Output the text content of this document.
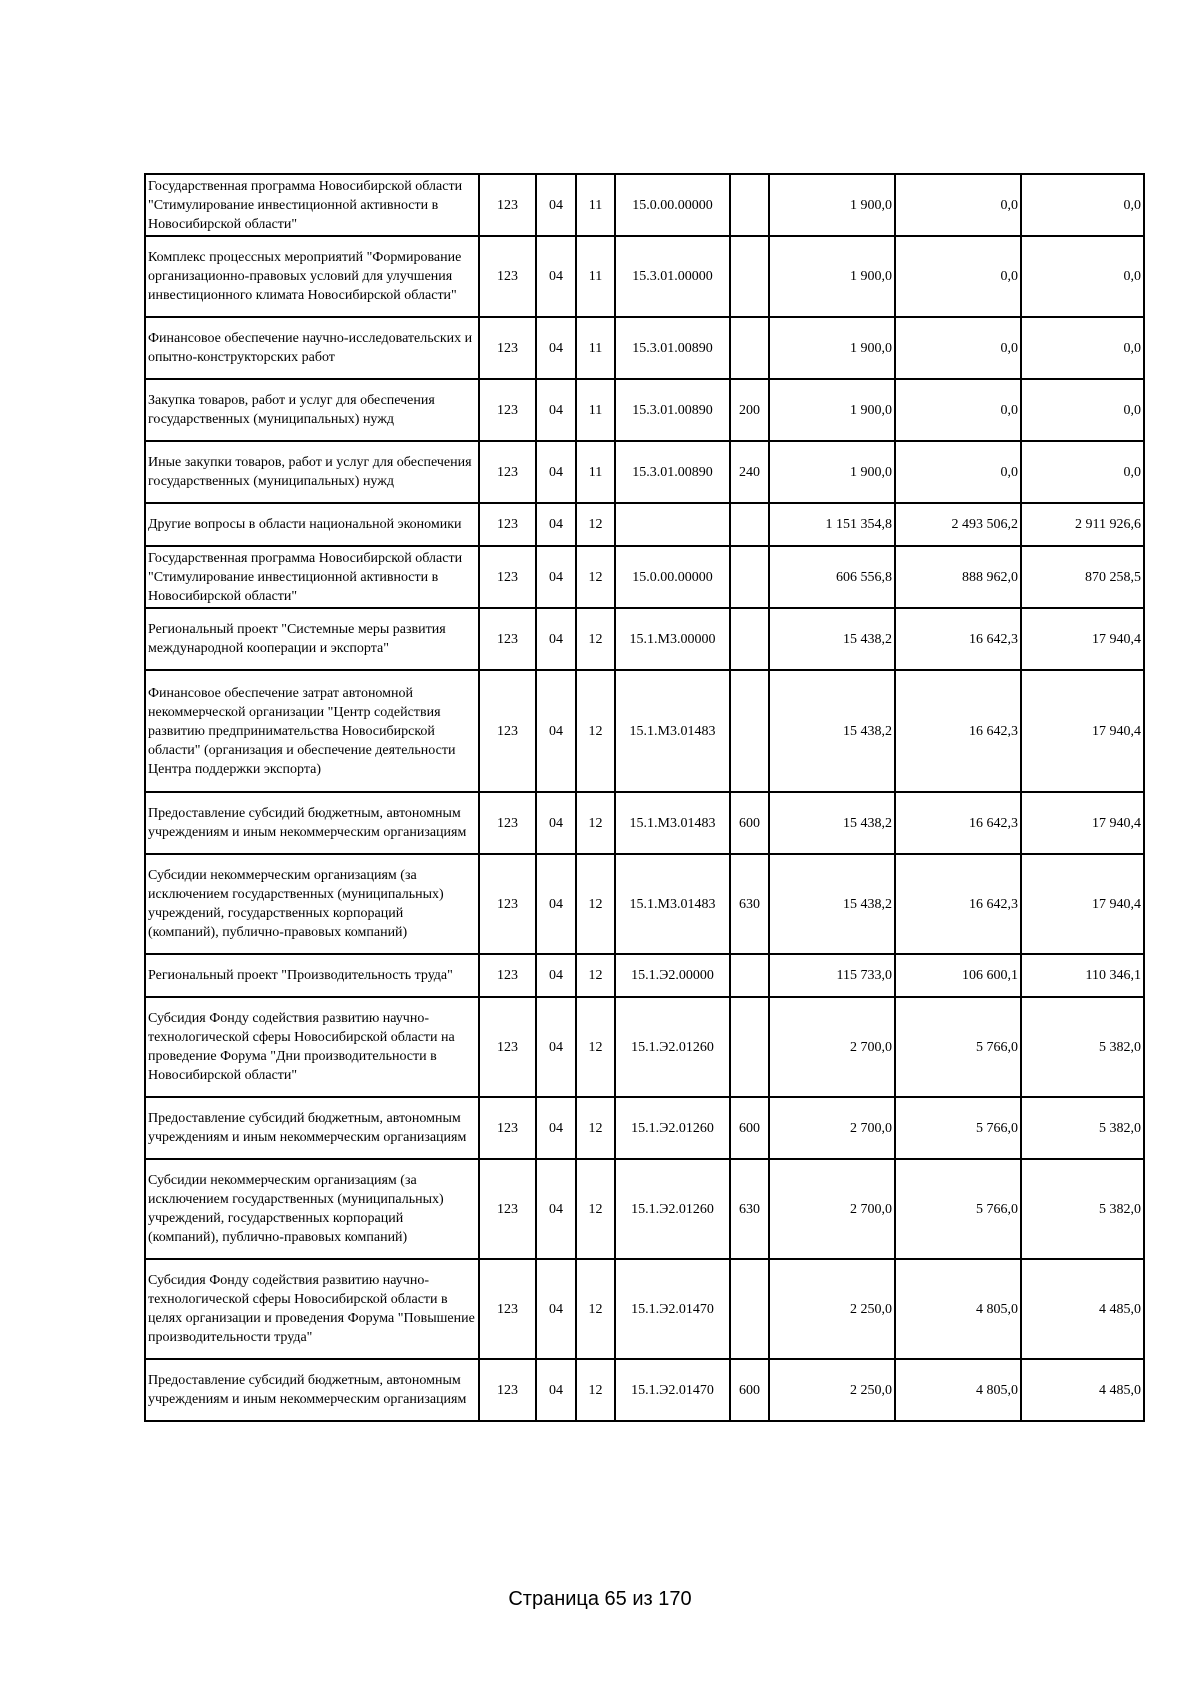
Государственная программа Новосибирской области "Стимулирование инвестиционной активности в Новосибирской области"	123	04	11	15.0.00.00000		1 900,0	0,0	0,0
Комплекс процессных мероприятий "Формирование организационно-правовых условий для улучшения инвестиционного климата Новосибирской области"	123	04	11	15.3.01.00000		1 900,0	0,0	0,0
Финансовое обеспечение научно-исследовательских и опытно-конструкторских работ	123	04	11	15.3.01.00890		1 900,0	0,0	0,0
Закупка товаров, работ и услуг для обеспечения государственных (муниципальных) нужд	123	04	11	15.3.01.00890	200	1 900,0	0,0	0,0
Иные закупки товаров, работ и услуг для обеспечения государственных (муниципальных) нужд	123	04	11	15.3.01.00890	240	1 900,0	0,0	0,0
Другие вопросы в области национальной экономики	123	04	12			1 151 354,8	2 493 506,2	2 911 926,6
Государственная программа Новосибирской области "Стимулирование инвестиционной активности в Новосибирской области"	123	04	12	15.0.00.00000		606 556,8	888 962,0	870 258,5
Региональный проект "Системные меры развития международной кооперации и экспорта"	123	04	12	15.1.М3.00000		15 438,2	16 642,3	17 940,4
Финансовое обеспечение затрат автономной некоммерческой организации "Центр содействия развитию предпринимательства Новосибирской области" (организация и обеспечение деятельности Центра поддержки экспорта)	123	04	12	15.1.М3.01483		15 438,2	16 642,3	17 940,4
Предоставление субсидий бюджетным, автономным учреждениям и иным некоммерческим организациям	123	04	12	15.1.М3.01483	600	15 438,2	16 642,3	17 940,4
Субсидии некоммерческим организациям (за исключением государственных (муниципальных) учреждений, государственных корпораций (компаний), публично-правовых компаний)	123	04	12	15.1.М3.01483	630	15 438,2	16 642,3	17 940,4
Региональный проект "Производительность труда"	123	04	12	15.1.Э2.00000		115 733,0	106 600,1	110 346,1
Субсидия Фонду содействия развитию научно-технологической сферы Новосибирской области на проведение Форума "Дни производительности в Новосибирской области"	123	04	12	15.1.Э2.01260		2 700,0	5 766,0	5 382,0
Предоставление субсидий бюджетным, автономным учреждениям и иным некоммерческим организациям	123	04	12	15.1.Э2.01260	600	2 700,0	5 766,0	5 382,0
Субсидии некоммерческим организациям (за исключением государственных (муниципальных) учреждений, государственных корпораций (компаний), публично-правовых компаний)	123	04	12	15.1.Э2.01260	630	2 700,0	5 766,0	5 382,0
Субсидия Фонду содействия развитию научно-технологической сферы Новосибирской области в целях организации и проведения Форума "Повышение производительности труда"	123	04	12	15.1.Э2.01470		2 250,0	4 805,0	4 485,0
Предоставление субсидий бюджетным, автономным учреждениям и иным некоммерческим организациям	123	04	12	15.1.Э2.01470	600	2 250,0	4 805,0	4 485,0
Страница 65 из 170
